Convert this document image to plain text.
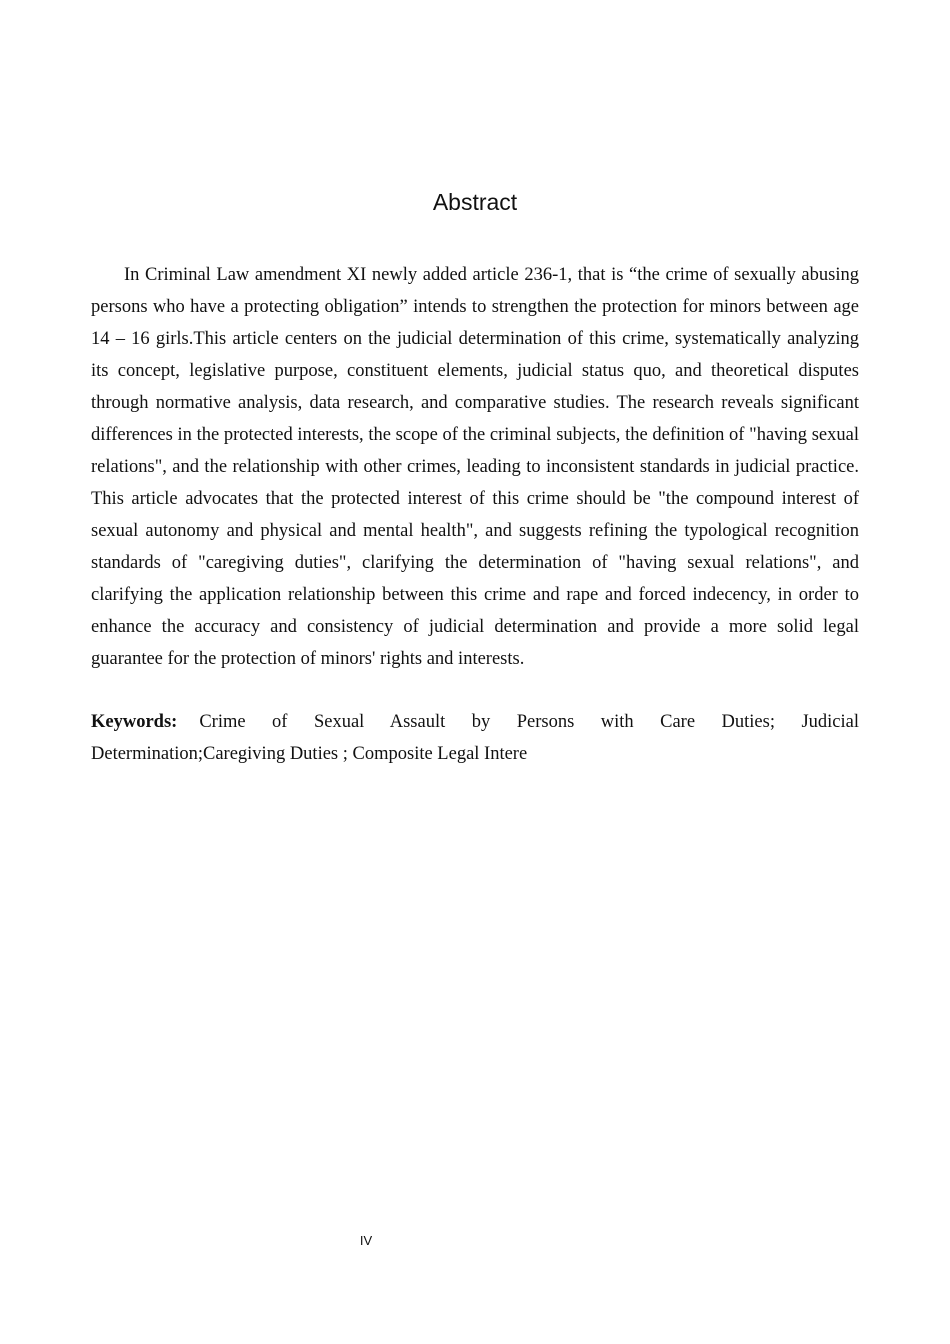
Abstract

In Criminal Law amendment XI newly added article 236-1, that is “the crime of sexually abusing persons who have a protecting obligation” intends to strengthen the protection for minors between age 14 – 16 girls.This article centers on the judicial determination of this crime, systematically analyzing its concept, legislative purpose, constituent elements, judicial status quo, and theoretical disputes through normative analysis, data research, and comparative studies. The research reveals significant differences in the protected interests, the scope of the criminal subjects, the definition of "having sexual relations", and the relationship with other crimes, leading to inconsistent standards in judicial practice. This article advocates that the protected interest of this crime should be "the compound interest of sexual autonomy and physical and mental health", and suggests refining the typological recognition standards of "caregiving duties", clarifying the determination of "having sexual relations", and clarifying the application relationship between this crime and rape and forced indecency, in order to enhance the accuracy and consistency of judicial determination and provide a more solid legal guarantee for the protection of minors' rights and interests.

Keywords: Crime of Sexual Assault by Persons with Care Duties; Judicial Determination;Caregiving Duties ; Composite Legal Intere

IV
